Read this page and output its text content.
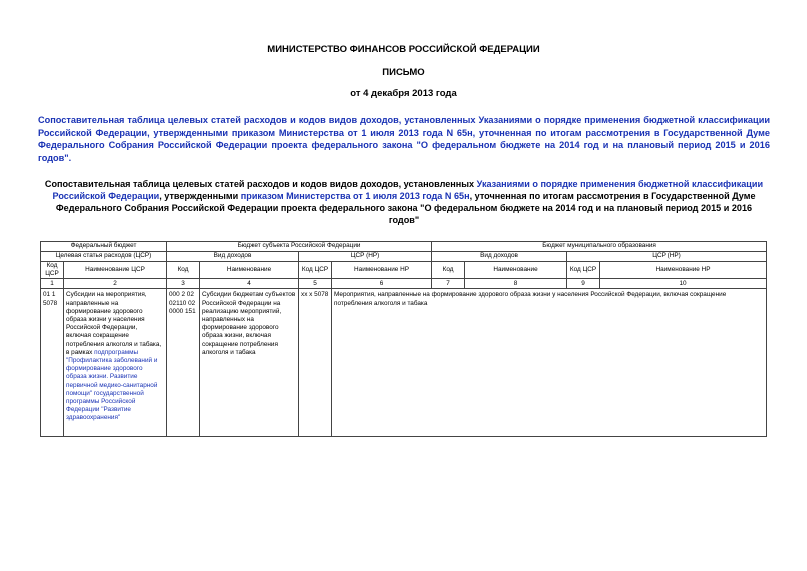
МИНИСТЕРСТВО ФИНАНСОВ РОССИЙСКОЙ ФЕДЕРАЦИИ
ПИСЬМО
от 4 декабря 2013 года
Сопоставительная таблица целевых статей расходов и кодов видов доходов, установленных Указаниями о порядке применения бюджетной классификации Российской Федерации, утвержденными приказом Министерства от 1 июля 2013 года N 65н, уточненная по итогам рассмотрения в Государственной Думе Федерального Собрания Российской Федерации проекта федерального закона "О федеральном бюджете на 2014 год и на плановый период 2015 и 2016 годов".
Сопоставительная таблица целевых статей расходов и кодов видов доходов, установленных Указаниями о порядке применения бюджетной классификации Российской Федерации, утвержденными приказом Министерства от 1 июля 2013 года N 65н, уточненная по итогам рассмотрения в Государственной Думе Федерального Собрания Российской Федерации проекта федерального закона "О федеральном бюджете на 2014 год и на плановый период 2015 и 2016 годов"
Федеральный бюджет		Бюджет субъекта Российской Федерации				Бюджет муниципального образования			
Целевая статья расходов (ЦСР)		Вид доходов		ЦСР (НР)		Вид доходов		ЦСР (НР)	
Код ЦСР	Наименование ЦСР	Код	Наименование	Код ЦСР	Наименование НР	Код	Наименование	Код ЦСР	Наименование НР
1	2	3	4	5	6	7	8	9	10
01 1 5078	Субсидии на мероприятия, направленные на формирование здорового образа жизни у населения Российской Федерации, включая сокращение потребления алкоголя и табака, в рамках подпрограммы "Профилактика заболеваний и формирование здорового образа жизни. Развитие первичной медико-санитарной помощи" государственной программы Российской Федерации "Развитие здравоохранения"	000 2 02 02110 02 0000 151	Субсидии бюджетам субъектов Российской Федерации на реализацию мероприятий, направленных на формирование здорового образа жизни, включая сокращение потребления алкоголя и табака	xx x 5078	Мероприятия, направленные на формирование здорового образа жизни у населения Российской Федерации, включая сокращение потребления алкоголя и табака				
